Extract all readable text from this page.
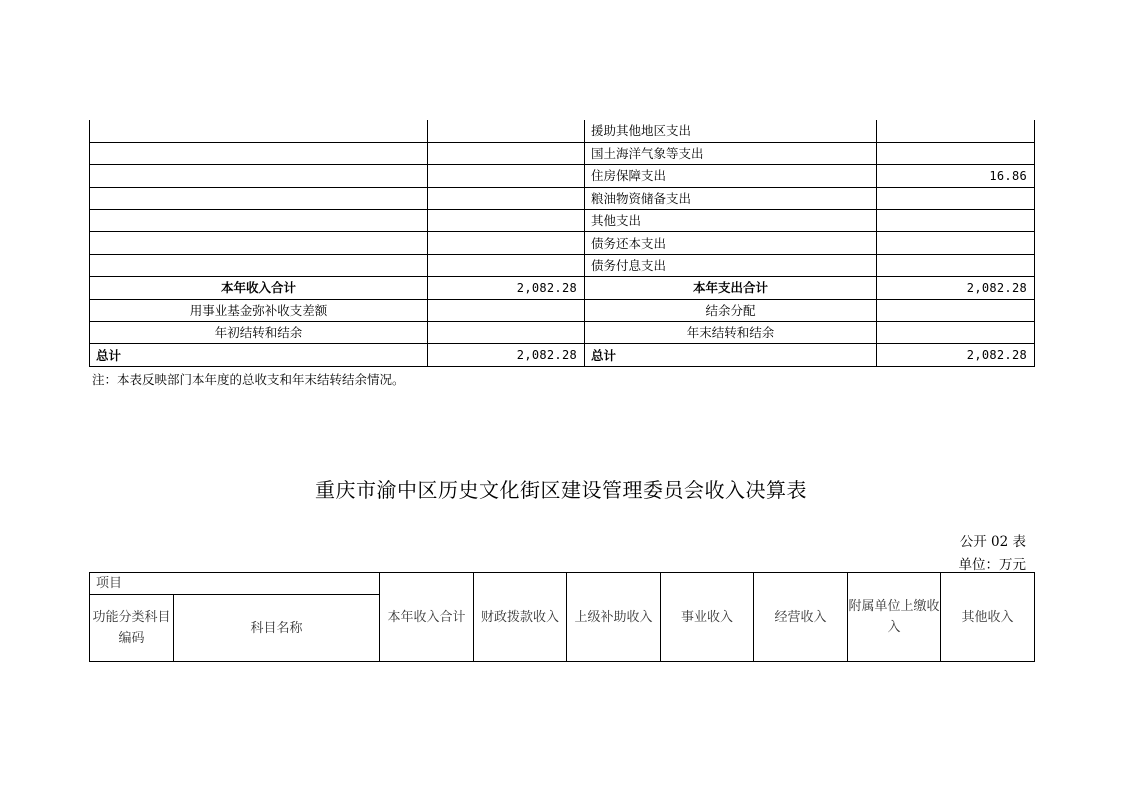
		援助其他地区支出	
		国土海洋气象等支出	
		住房保障支出	16.86
		粮油物资储备支出	
		其他支出	
		债务还本支出	
		债务付息支出	
本年收入合计	2,082.28	本年支出合计	2,082.28
用事业基金弥补收支差额		结余分配	
年初结转和结余		年末结转和结余	
总计	2,082.28	总计	2,082.28
注：本表反映部门本年度的总收支和年末结转结余情况。
重庆市渝中区历史文化街区建设管理委员会收入决算表
公开 02 表
单位：万元
项目		本年收入合计	财政拨款收入	上级补助收入	事业收入	经营收入	附属单位上缴收入	其他收入
功能分类科目编码	科目名称							
